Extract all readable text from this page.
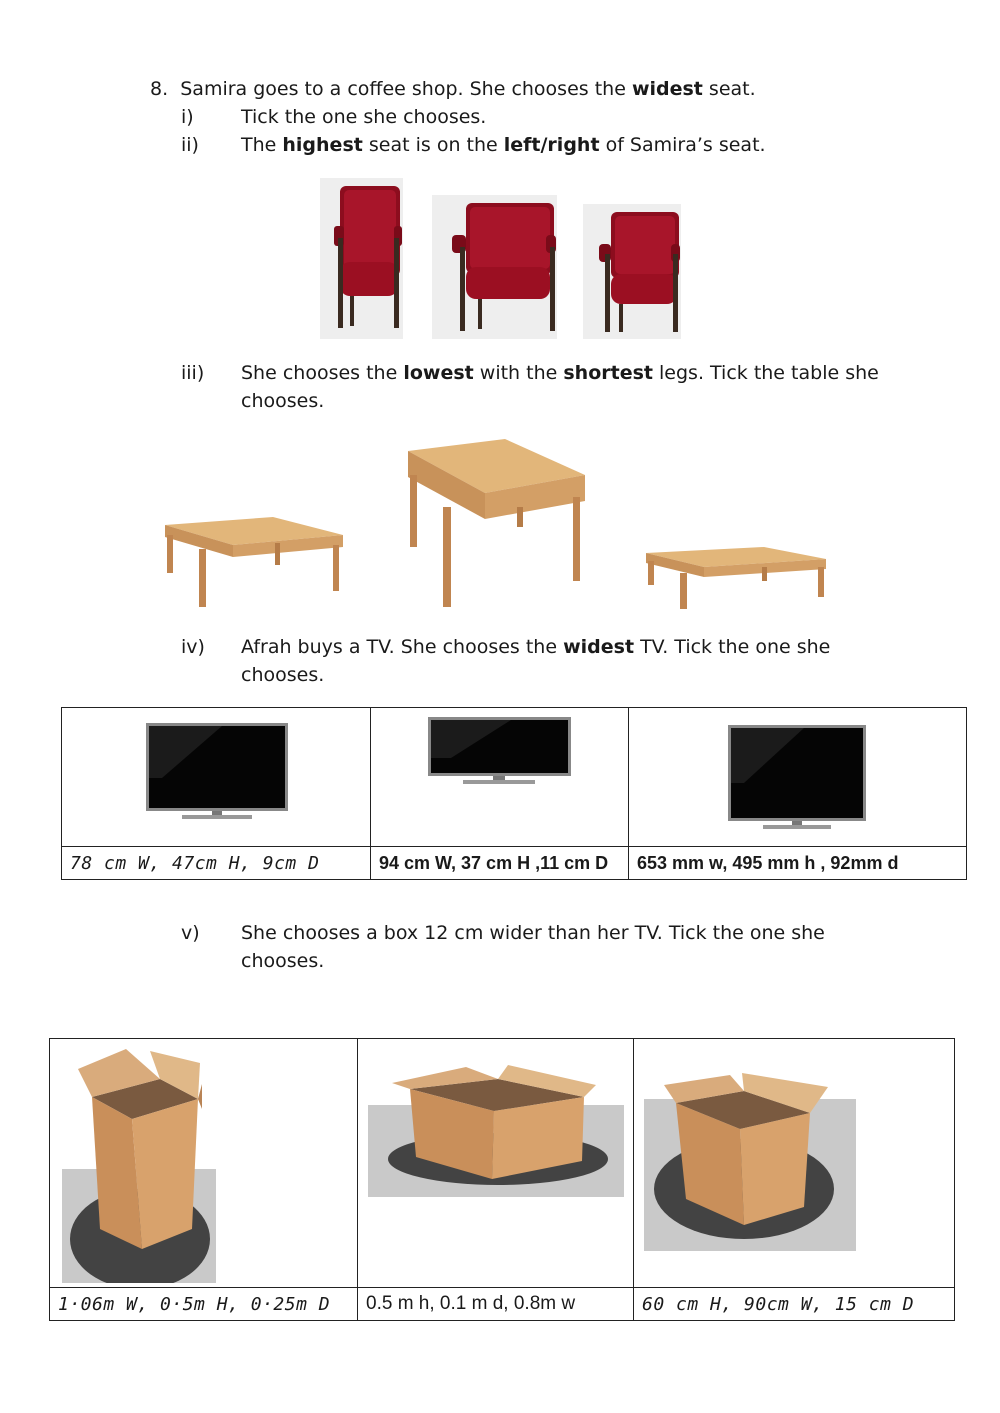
8. Samira goes to a coffee shop. She chooses the widest seat.
i) Tick the one she chooses.
ii) The highest seat is on the left/right of Samira’s seat.
iii) She chooses the lowest with the shortest legs. Tick the table she
chooses.
iv) Afrah buys a TV. She chooses the widest TV. Tick the one she
chooses.

78 cm W, 47cm H, 9cm D	94 cm W, 37 cm H ,11 cm D	653 mm w, 495 mm h , 92mm d
v) She chooses a box 12 cm wider than her TV. Tick the one she
chooses.

1·06m W, 0·5m H, 0·25m D	0.5 m h, 0.1 m d, 0.8m w	60 cm H, 90cm W, 15 cm D
